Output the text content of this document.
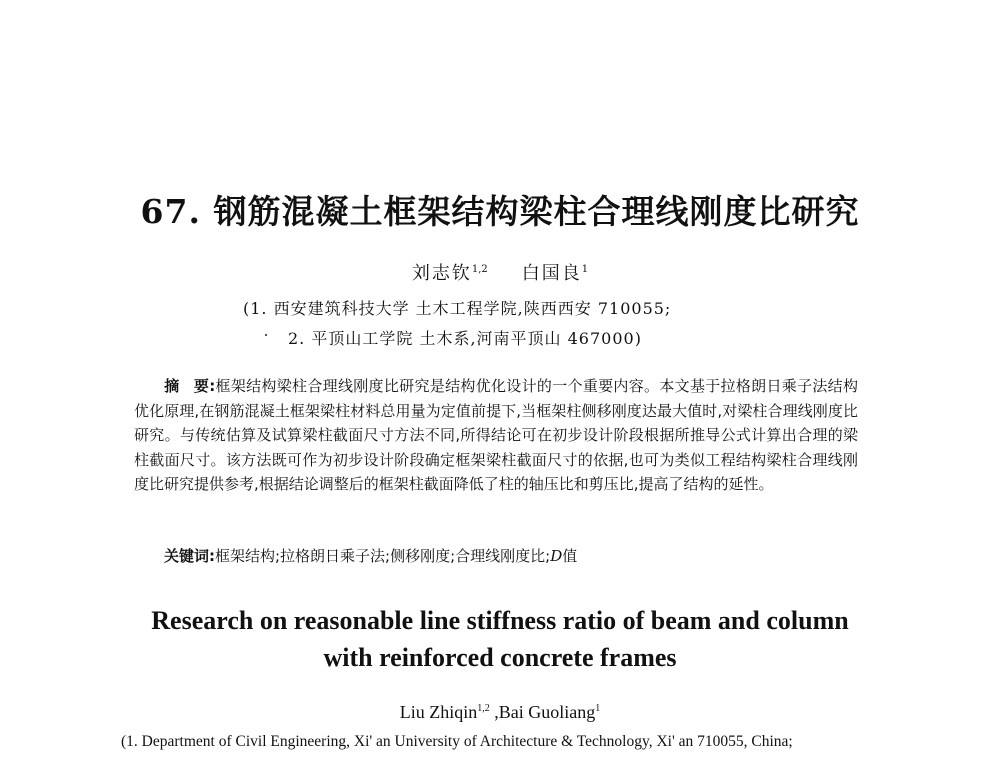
67. 钢筋混凝土框架结构梁柱合理线刚度比研究
刘志钦$^{1,2}$ 白国良$^1$
(1. 西安建筑科技大学 土木工程学院,陕西西安 710055;
2. 平顶山工学院 土木系,河南平顶山 467000)
摘 要:框架结构梁柱合理线刚度比研究是结构优化设计的一个重要内容。本文基于拉格朗日乘子法结构优化原理,在钢筋混凝土框架梁柱材料总用量为定值前提下,当框架柱侧移刚度达最大值时,对梁柱合理线刚度比研究。与传统估算及试算梁柱截面尺寸方法不同,所得结论可在初步设计阶段根据所推导公式计算出合理的梁柱截面尺寸。该方法既可作为初步设计阶段确定框架梁柱截面尺寸的依据,也可为类似工程结构梁柱合理线刚度比研究提供参考,根据结论调整后的框架柱截面降低了柱的轴压比和剪压比,提高了结构的延性。
关键词:框架结构;拉格朗日乘子法;侧移刚度;合理线刚度比;D值
Research on reasonable line stiffness ratio of beam and column
with reinforced concrete frames
Liu Zhiqin$^{1,2}$ ,Bai Guoliang$^1$
(1. Department of Civil Engineering, Xi' an University of Architecture & Technology, Xi' an 710055, China;
